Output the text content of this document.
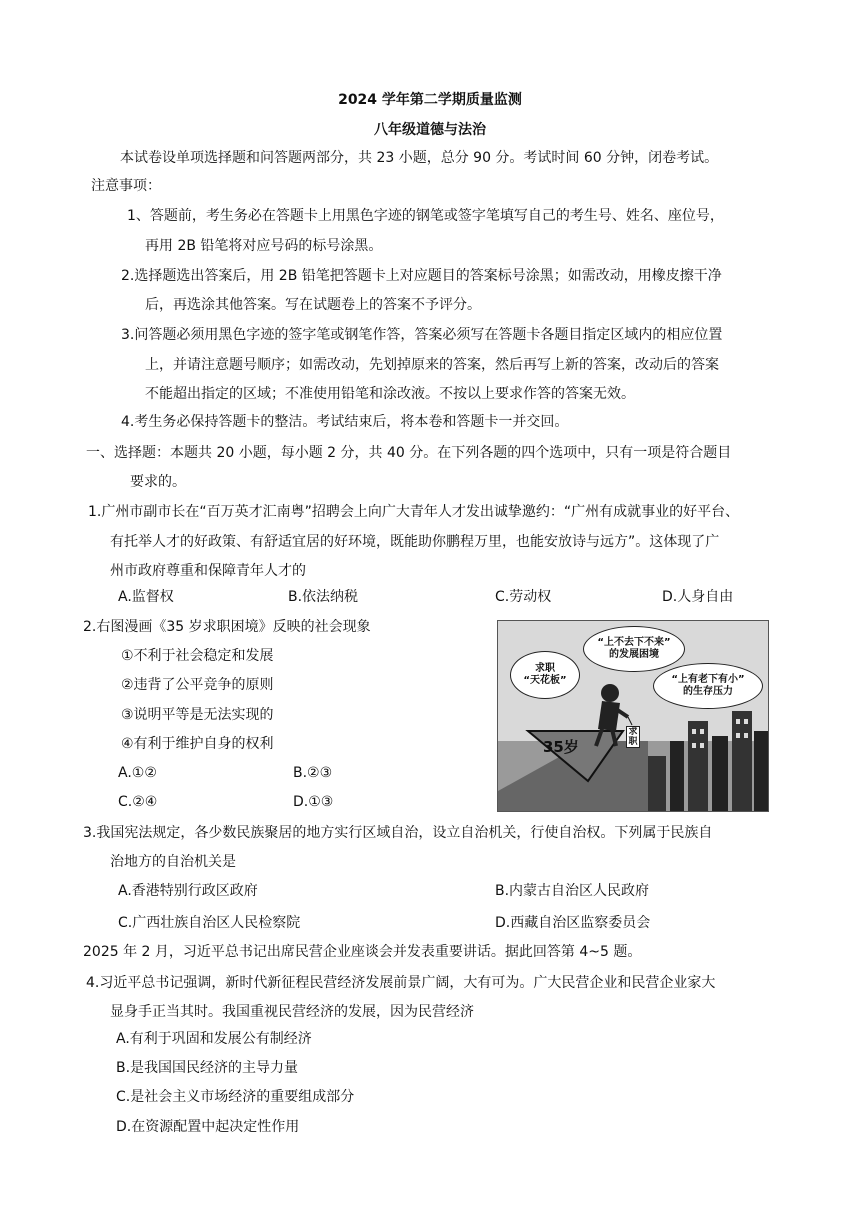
2024 学年第二学期质量监测
八年级道德与法治
本试卷设单项选择题和问答题两部分，共 23 小题，总分 90 分。考试时间 60 分钟，闭卷考试。
注意事项：
1、答题前，考生务必在答题卡上用黑色字迹的钢笔或签字笔填写自己的考生号、姓名、座位号，
再用 2B 铅笔将对应号码的标号涂黑。
2.选择题选出答案后，用 2B 铅笔把答题卡上对应题目的答案标号涂黑；如需改动，用橡皮擦干净
后，再选涂其他答案。写在试题卷上的答案不予评分。
3.问答题必须用黑色字迹的签字笔或钢笔作答，答案必须写在答题卡各题目指定区域内的相应位置
上，并请注意题号顺序；如需改动，先划掉原来的答案，然后再写上新的答案，改动后的答案
不能超出指定的区域；不准使用铅笔和涂改液。不按以上要求作答的答案无效。
4.考生务必保持答题卡的整洁。考试结束后，将本卷和答题卡一并交回。
一、选择题：本题共 20 小题，每小题 2 分，共 40 分。在下列各题的四个选项中，只有一项是符合题目
要求的。
1.广州市副市长在“百万英才汇南粤”招聘会上向广大青年人才发出诚挚邀约：“广州有成就事业的好平台、
有托举人才的好政策、有舒适宜居的好环境，既能助你鹏程万里，也能安放诗与远方”。这体现了广
州市政府尊重和保障青年人才的
A.监督权	B.依法纳税	C.劳动权	D.人身自由
2.右图漫画《35 岁求职困境》反映的社会现象
①不利于社会稳定和发展
②违背了公平竞争的原则
③说明平等是无法实现的
④有利于维护自身的权利
A.①②	B.②③
C.②④	D.①③
求职
“天花板”
“上不去下不来”
的发展困境
“上有老下有小”
的生存压力
35岁
求职
3.我国宪法规定，各少数民族聚居的地方实行区域自治，设立自治机关，行使自治权。下列属于民族自
治地方的自治机关是
A.香港特别行政区政府	B.内蒙古自治区人民政府
C.广西壮族自治区人民检察院	D.西藏自治区监察委员会
2025 年 2 月，习近平总书记出席民营企业座谈会并发表重要讲话。据此回答第 4~5 题。
4.习近平总书记强调，新时代新征程民营经济发展前景广阔，大有可为。广大民营企业和民营企业家大
显身手正当其时。我国重视民营经济的发展，因为民营经济
A.有利于巩固和发展公有制经济
B.是我国国民经济的主导力量
C.是社会主义市场经济的重要组成部分
D.在资源配置中起决定性作用
